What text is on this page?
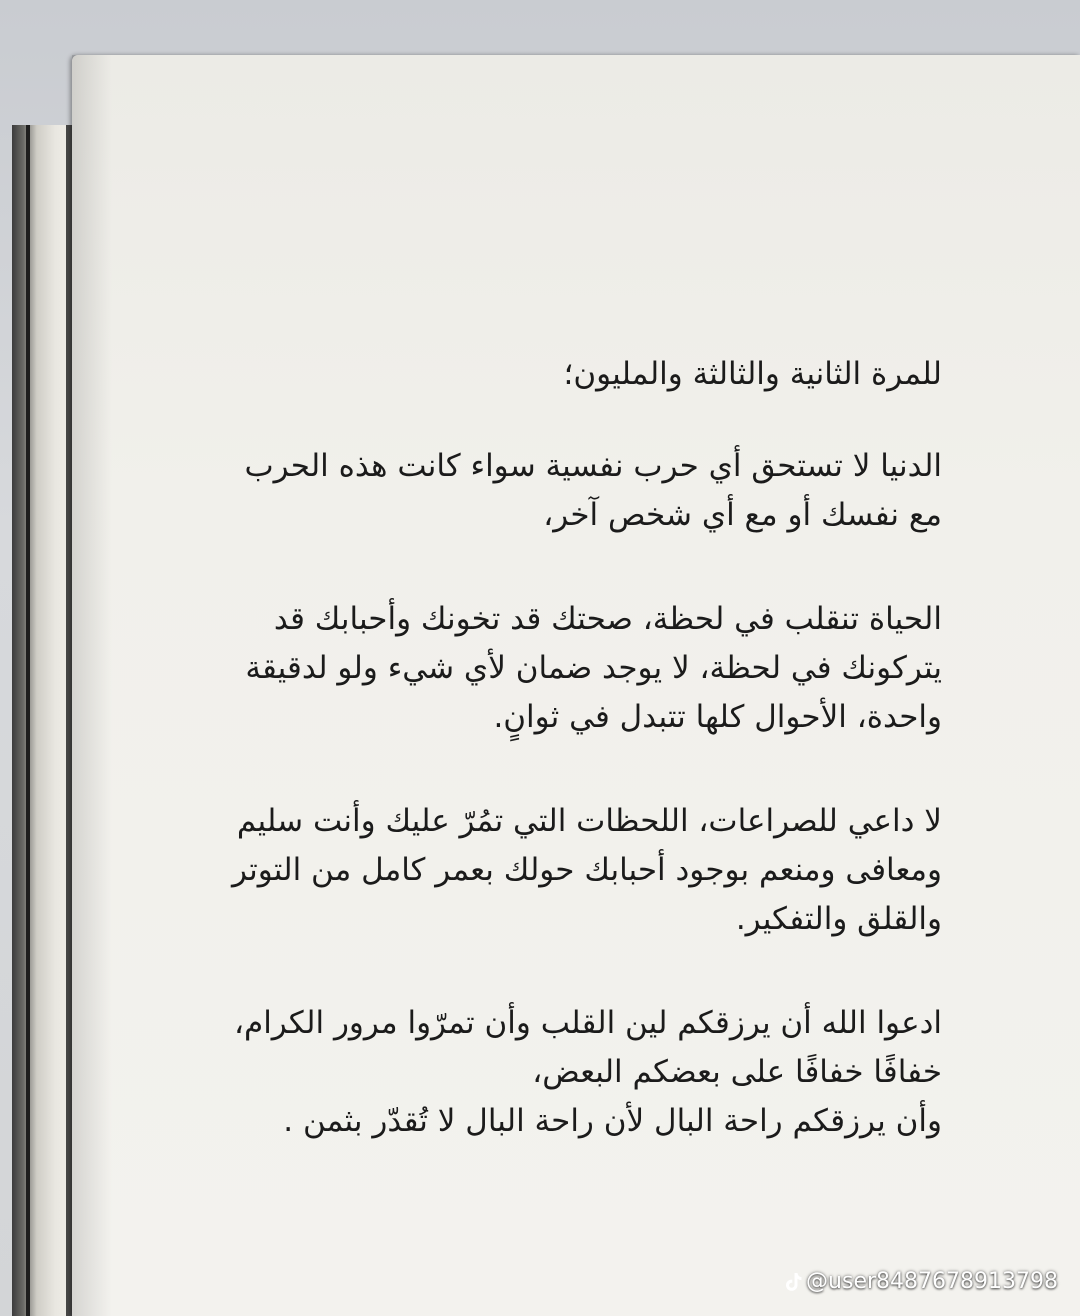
للمرة الثانية والثالثة والمليون؛
الدنيا لا تستحق أي حرب نفسية سواء كانت هذه الحرب
مع نفسك أو مع أي شخص آخر،
الحياة تنقلب في لحظة، صحتك قد تخونك وأحبابك قد
يتركونك في لحظة، لا يوجد ضمان لأي شيء ولو لدقيقة
واحدة، الأحوال كلها تتبدل في ثوانٍ.
لا داعي للصراعات، اللحظات التي تمُرّ عليك وأنت سليم
ومعافى ومنعم بوجود أحبابك حولك بعمر كامل من التوتر
والقلق والتفكير.
ادعوا الله أن يرزقكم لين القلب وأن تمرّوا مرور الكرام،
خفافًا خفافًا على بعضكم البعض،
وأن يرزقكم راحة البال لأن راحة البال لا تُقدّر بثمن .
@user8487678913798
